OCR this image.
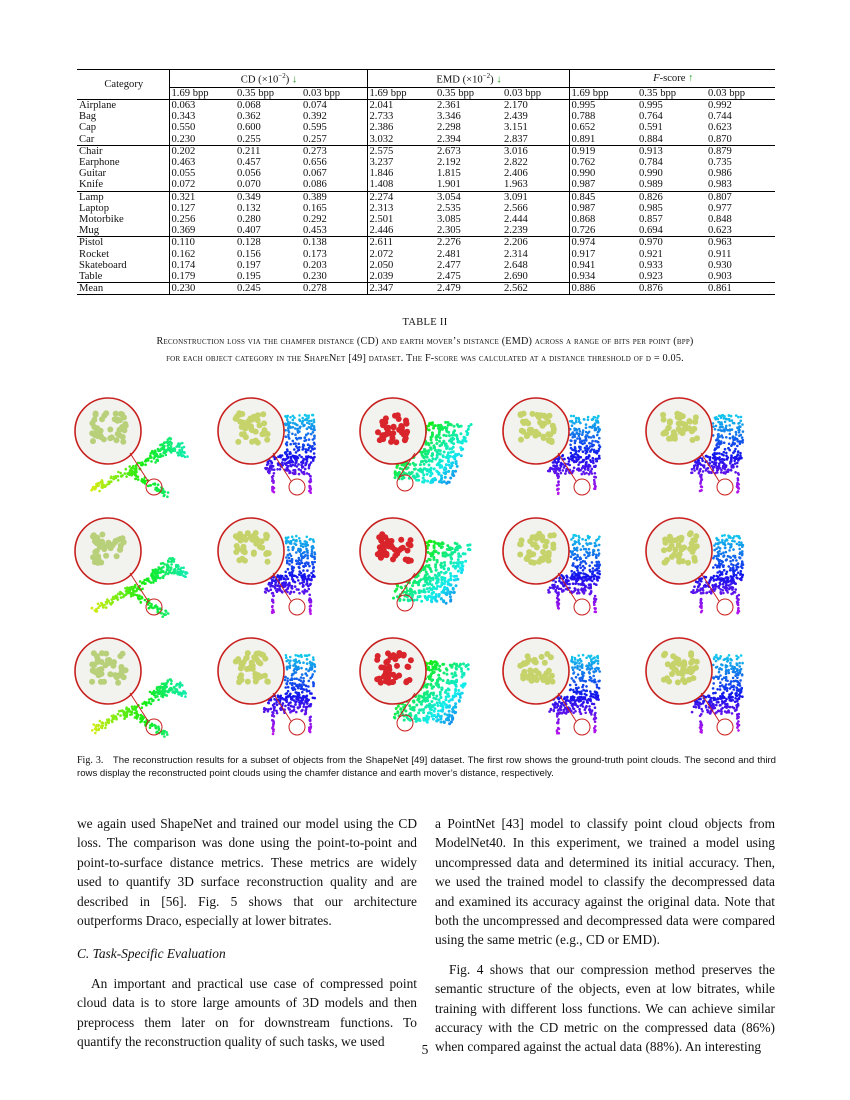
Category	CD $(\times 10^{-2})$ ↓			EMD $(\times 10^{-2})$ ↓			F-score ↑		
	1.69 bpp	0.35 bpp	0.03 bpp	1.69 bpp	0.35 bpp	0.03 bpp	1.69 bpp	0.35 bpp	0.03 bpp
Airplane	0.063	0.068	0.074	2.041	2.361	2.170	0.995	0.995	0.992
Bag	0.343	0.362	0.392	2.733	3.346	2.439	0.788	0.764	0.744
Cap	0.550	0.600	0.595	2.386	2.298	3.151	0.652	0.591	0.623
Car	0.230	0.255	0.257	3.032	2.394	2.837	0.891	0.884	0.870
Chair	0.202	0.211	0.273	2.575	2.673	3.016	0.919	0.913	0.879
Earphone	0.463	0.457	0.656	3.237	2.192	2.822	0.762	0.784	0.735
Guitar	0.055	0.056	0.067	1.846	1.815	2.406	0.990	0.990	0.986
Knife	0.072	0.070	0.086	1.408	1.901	1.963	0.987	0.989	0.983
Lamp	0.321	0.349	0.389	2.274	3.054	3.091	0.845	0.826	0.807
Laptop	0.127	0.132	0.165	2.313	2.535	2.566	0.987	0.985	0.977
Motorbike	0.256	0.280	0.292	2.501	3.085	2.444	0.868	0.857	0.848
Mug	0.369	0.407	0.453	2.446	2.305	2.239	0.726	0.694	0.623
Pistol	0.110	0.128	0.138	2.611	2.276	2.206	0.974	0.970	0.963
Rocket	0.162	0.156	0.173	2.072	2.481	2.314	0.917	0.921	0.911
Skateboard	0.174	0.197	0.203	2.050	2.477	2.648	0.941	0.933	0.930
Table	0.179	0.195	0.230	2.039	2.475	2.690	0.934	0.923	0.903
Mean	0.230	0.245	0.278	2.347	2.479	2.562	0.886	0.876	0.861
TABLE II
Reconstruction loss via the chamfer distance (CD) and earth mover’s distance (EMD) across a range of bits per point (bpp)
for each object category in the ShapeNet [49] dataset. The F-score was calculated at a distance threshold of d = 0.05.
Fig. 3. The reconstruction results for a subset of objects from the ShapeNet [49] dataset. The first row shows the ground-truth point clouds. The second and third rows display the reconstructed point clouds using the chamfer distance and earth mover’s distance, respectively.

we again used ShapeNet and trained our model using the CD loss. The comparison was done using the point-to-point and point-to-surface distance metrics. These metrics are widely used to quantify 3D surface reconstruction quality and are described in [56]. Fig. 5 shows that our architecture outperforms Draco, especially at lower bitrates.

C. Task-Specific Evaluation

An important and practical use case of compressed point cloud data is to store large amounts of 3D models and then preprocess them later on for downstream functions. To quantify the reconstruction quality of such tasks, we used

a PointNet [43] model to classify point cloud objects from ModelNet40. In this experiment, we trained a model using uncompressed data and determined its initial accuracy. Then, we used the trained model to classify the decompressed data and examined its accuracy against the original data. Note that both the uncompressed and decompressed data were compared using the same metric (e.g., CD or EMD).

Fig. 4 shows that our compression method preserves the semantic structure of the objects, even at low bitrates, while training with different loss functions. We can achieve similar accuracy with the CD metric on the compressed data (86%) when compared against the actual data (88%). An interesting

5
